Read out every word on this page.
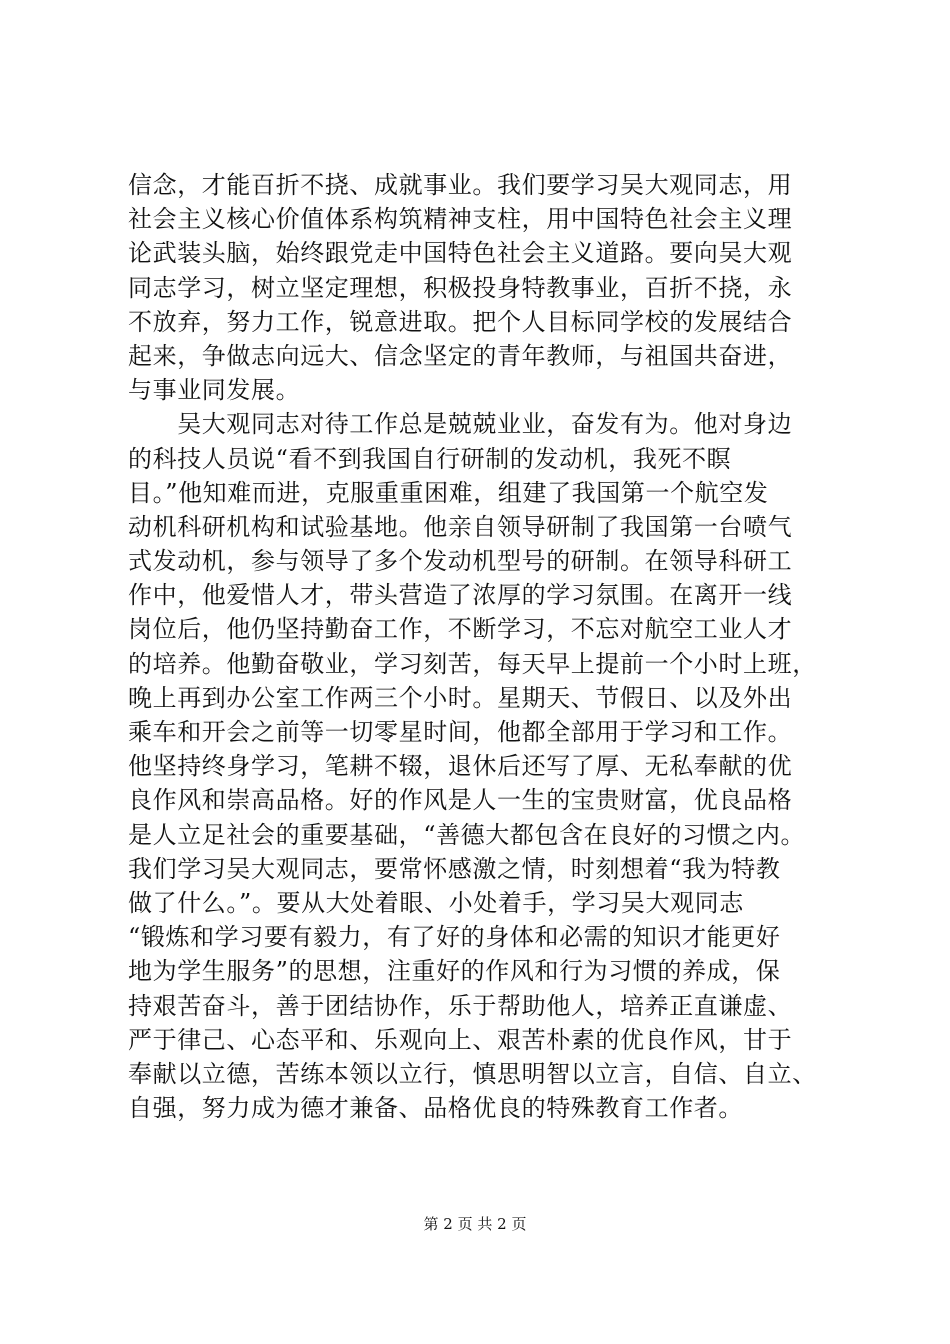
信念，才能百折不挠、成就事业。我们要学习吴大观同志，用
社会主义核心价值体系构筑精神支柱，用中国特色社会主义理
论武装头脑，始终跟党走中国特色社会主义道路。要向吴大观
同志学习，树立坚定理想，积极投身特教事业，百折不挠，永
不放弃，努力工作，锐意进取。把个人目标同学校的发展结合
起来，争做志向远大、信念坚定的青年教师，与祖国共奋进，
与事业同发展。
　　吴大观同志对待工作总是兢兢业业，奋发有为。他对身边
的科技人员说“看不到我国自行研制的发动机，我死不瞑
目。”他知难而进，克服重重困难，组建了我国第一个航空发
动机科研机构和试验基地。他亲自领导研制了我国第一台喷气
式发动机，参与领导了多个发动机型号的研制。在领导科研工
作中，他爱惜人才，带头营造了浓厚的学习氛围。在离开一线
岗位后，他仍坚持勤奋工作，不断学习，不忘对航空工业人才
的培养。他勤奋敬业，学习刻苦，每天早上提前一个小时上班，
晚上再到办公室工作两三个小时。星期天、节假日、以及外出
乘车和开会之前等一切零星时间，他都全部用于学习和工作。
他坚持终身学习，笔耕不辍，退休后还写了厚、无私奉献的优
良作风和崇高品格。好的作风是人一生的宝贵财富，优良品格
是人立足社会的重要基础，“善德大都包含在良好的习惯之内。
我们学习吴大观同志，要常怀感激之情，时刻想着“我为特教
做了什么。”。要从大处着眼、小处着手，学习吴大观同志
“锻炼和学习要有毅力，有了好的身体和必需的知识才能更好
地为学生服务”的思想，注重好的作风和行为习惯的养成，保
持艰苦奋斗，善于团结协作，乐于帮助他人，培养正直谦虚、
严于律己、心态平和、乐观向上、艰苦朴素的优良作风，甘于
奉献以立德，苦练本领以立行，慎思明智以立言，自信、自立、
自强，努力成为德才兼备、品格优良的特殊教育工作者。
第 2 页 共 2 页
